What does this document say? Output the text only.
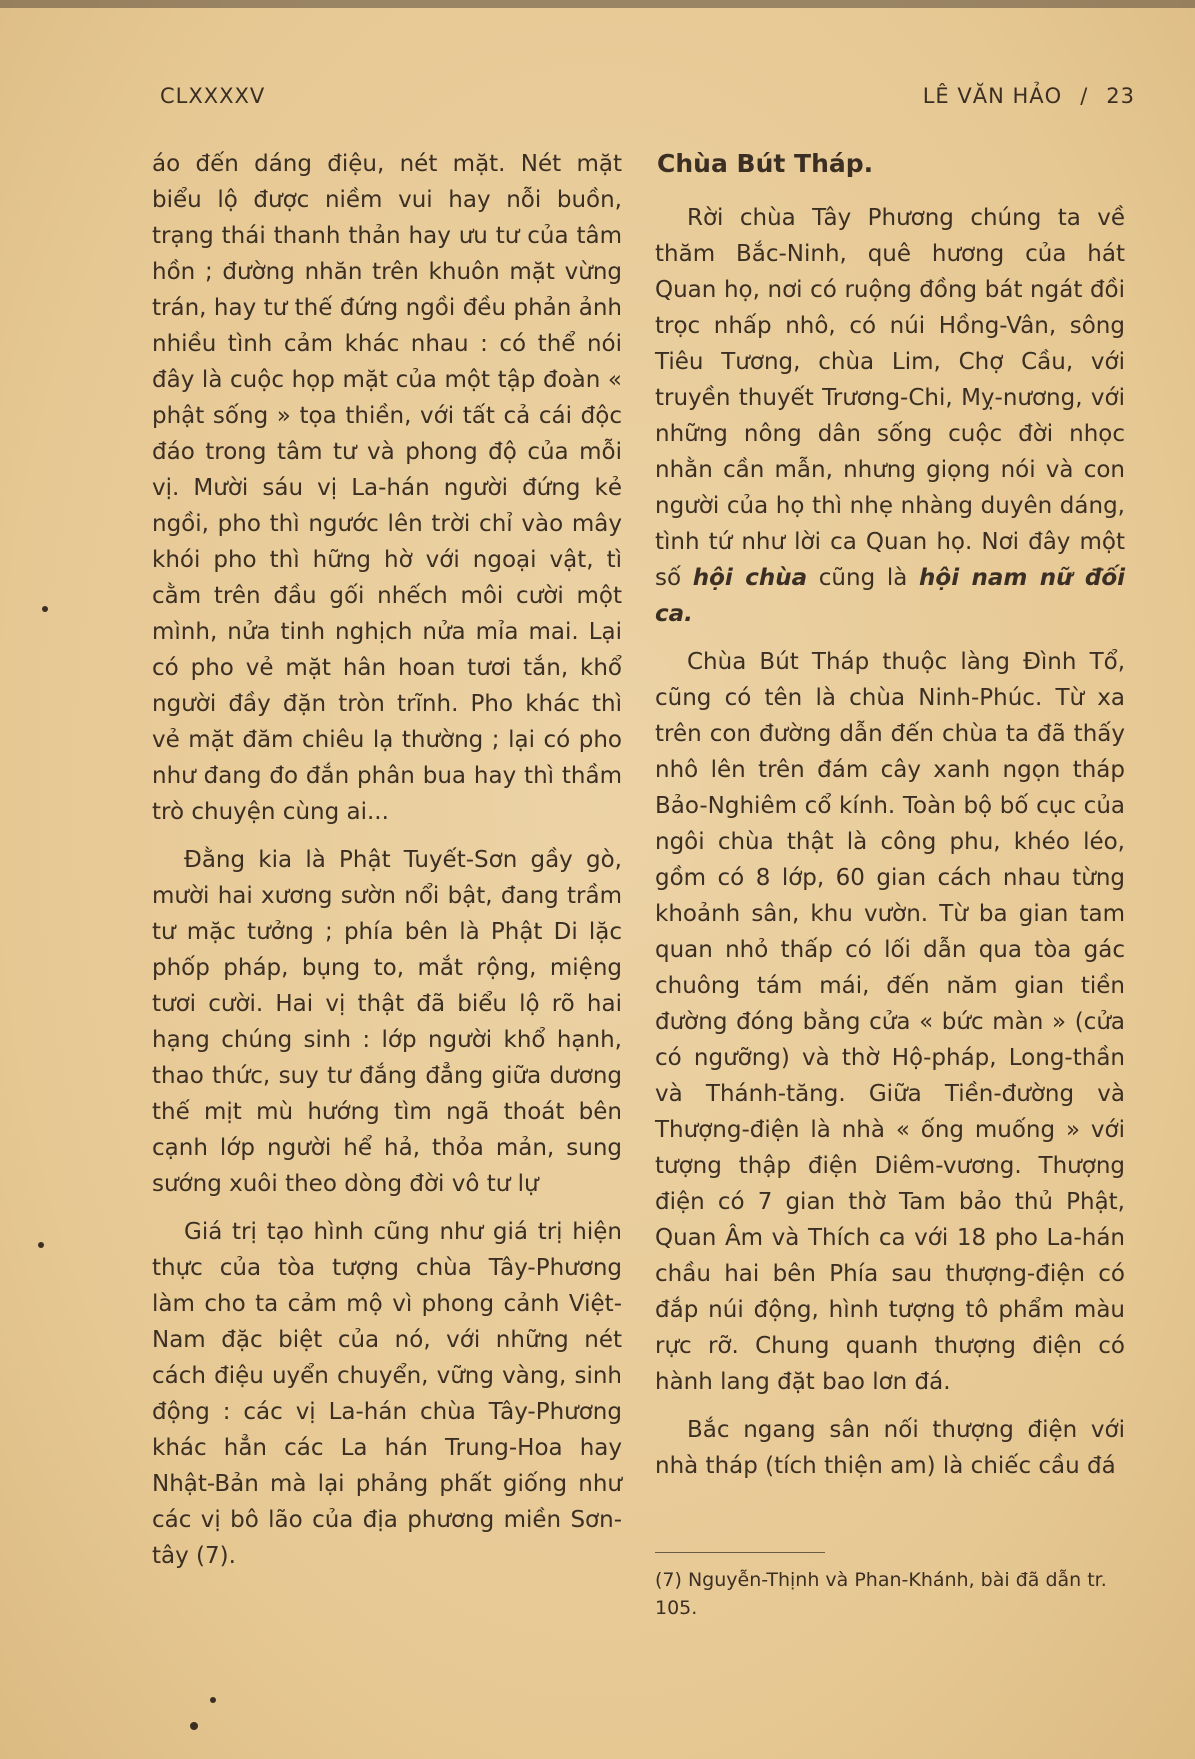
CLXXXXV	LÊ VĂN HẢO / 23

áo đến dáng điệu, nét mặt. Nét mặt biểu lộ được niềm vui hay nỗi buồn, trạng thái thanh thản hay ưu tư của tâm hồn ; đường nhăn trên khuôn mặt vừng trán, hay tư thế đứng ngồi đều phản ảnh nhiều tình cảm khác nhau : có thể nói đây là cuộc họp mặt của một tập đoàn « phật sống » tọa thiền, với tất cả cái độc đáo trong tâm tư và phong độ của mỗi vị. Mười sáu vị La-hán người đứng kẻ ngồi, pho thì ngước lên trời chỉ vào mây khói pho thì hững hờ với ngoại vật, tì cằm trên đầu gối nhếch môi cười một mình, nửa tinh nghịch nửa mỉa mai. Lại có pho vẻ mặt hân hoan tươi tắn, khổ người đầy đặn tròn trĩnh. Pho khác thì vẻ mặt đăm chiêu lạ thường ; lại có pho như đang đo đắn phân bua hay thì thầm trò chuyện cùng ai...

Đằng kia là Phật Tuyết-Sơn gầy gò, mười hai xương sườn nổi bật, đang trầm tư mặc tưởng ; phía bên là Phật Di lặc phốp pháp, bụng to, mắt rộng, miệng tươi cười. Hai vị thật đã biểu lộ rõ hai hạng chúng sinh : lớp người khổ hạnh, thao thức, suy tư đắng đẳng giữa dương thế mịt mù hướng tìm ngã thoát bên cạnh lớp người hể hả, thỏa mản, sung sướng xuôi theo dòng đời vô tư lự

Giá trị tạo hình cũng như giá trị hiện thực của tòa tượng chùa Tây-Phương làm cho ta cảm mộ vì phong cảnh Việt-Nam đặc biệt của nó, với những nét cách điệu uyển chuyển, vững vàng, sinh động : các vị La-hán chùa Tây-Phương khác hẳn các La hán Trung-Hoa hay Nhật-Bản mà lại phảng phất giống như các vị bô lão của địa phương miền Sơn-tây (7).

Chùa Bút Tháp.

Rời chùa Tây Phương chúng ta về thăm Bắc-Ninh, quê hương của hát Quan họ, nơi có ruộng đồng bát ngát đồi trọc nhấp nhô, có núi Hồng-Vân, sông Tiêu Tương, chùa Lim, Chợ Cầu, với truyền thuyết Trương-Chi, Mỵ-nương, với những nông dân sống cuộc đời nhọc nhằn cần mẫn, nhưng giọng nói và con người của họ thì nhẹ nhàng duyên dáng, tình tứ như lời ca Quan họ. Nơi đây một số hội chùa cũng là hội nam nữ đối ca.

Chùa Bút Tháp thuộc làng Đình Tổ, cũng có tên là chùa Ninh-Phúc. Từ xa trên con đường dẫn đến chùa ta đã thấy nhô lên trên đám cây xanh ngọn tháp Bảo-Nghiêm cổ kính. Toàn bộ bố cục của ngôi chùa thật là công phu, khéo léo, gồm có 8 lớp, 60 gian cách nhau từng khoảnh sân, khu vườn. Từ ba gian tam quan nhỏ thấp có lối dẫn qua tòa gác chuông tám mái, đến năm gian tiền đường đóng bằng cửa « bức màn » (cửa có ngưỡng) và thờ Hộ-pháp, Long-thần và Thánh-tăng. Giữa Tiền-đường và Thượng-điện là nhà « ống muống » với tượng thập điện Diêm-vương. Thượng điện có 7 gian thờ Tam bảo thủ Phật, Quan Âm và Thích ca với 18 pho La-hán chầu hai bên Phía sau thượng-điện có đắp núi động, hình tượng tô phẩm màu rực rỡ. Chung quanh thượng điện có hành lang đặt bao lơn đá.

Bắc ngang sân nối thượng điện với nhà tháp (tích thiện am) là chiếc cầu đá

(7) Nguyễn-Thịnh và Phan-Khánh, bài đã dẫn tr. 105.
